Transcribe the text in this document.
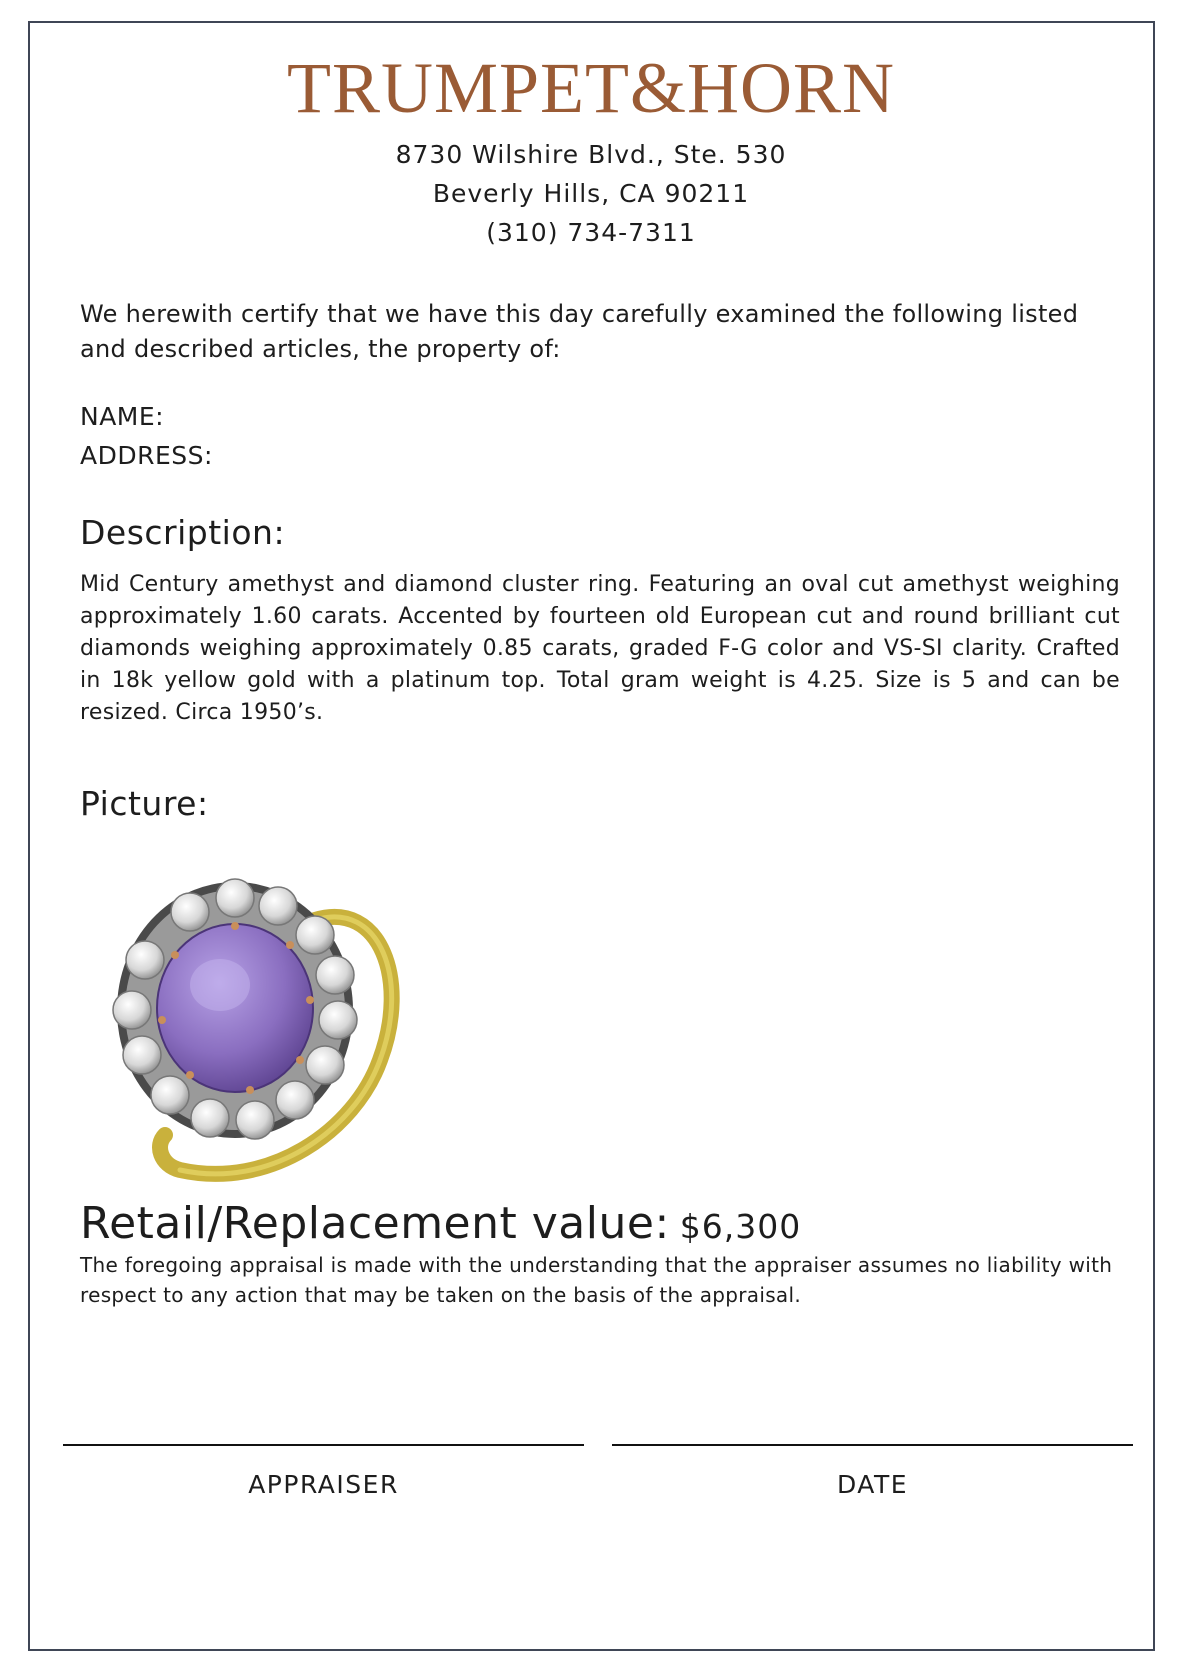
TRUMPET&HORN
8730 Wilshire Blvd., Ste. 530
Beverly Hills, CA 90211
(310) 734-7311
We herewith certify that we have this day carefully examined the following listed and described articles, the property of:
NAME:
ADDRESS:
Description:
Mid Century amethyst and diamond cluster ring. Featuring an oval cut amethyst weighing approximately 1.60 carats. Accented by fourteen old European cut and round brilliant cut diamonds weighing approximately 0.85 carats, graded F-G color and VS-SI clarity. Crafted in 18k yellow gold with a platinum top. Total gram weight is 4.25. Size is 5 and can be resized. Circa 1950’s.
Picture:
Retail/Replacement value: $6,300
The foregoing appraisal is made with the understanding that the appraiser assumes no liability with respect to any action that may be taken on the basis of the appraisal.
APPRAISER	DATE
